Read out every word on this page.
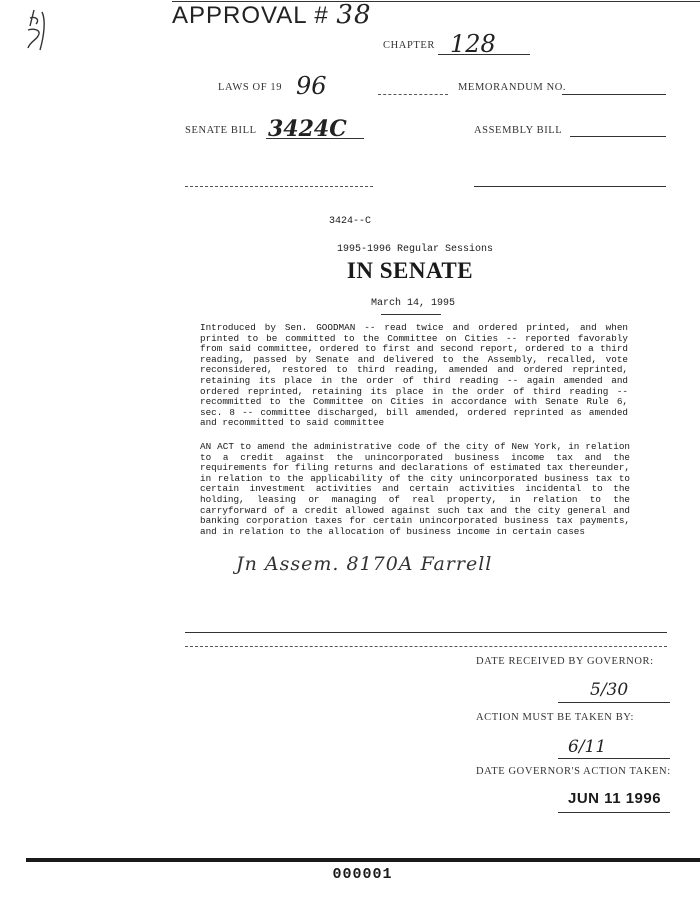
APPROVAL # 38
CHAPTER 128
LAWS OF 19 96	MEMORANDUM NO.
SENATE BILL 3424C	ASSEMBLY BILL
3424--C
1995-1996 Regular Sessions
IN SENATE
March 14, 1995
Introduced by Sen. GOODMAN -- read twice and ordered printed, and when printed to be committed to the Committee on Cities -- reported favorably from said committee, ordered to first and second report, ordered to a third reading, passed by Senate and delivered to the Assembly, recalled, vote reconsidered, restored to third reading, amended and ordered reprinted, retaining its place in the order of third reading -- again amended and ordered reprinted, retaining its place in the order of third reading -- recommitted to the Committee on Cities in accordance with Senate Rule 6, sec. 8 -- committee discharged, bill amended, ordered reprinted as amended and recommitted to said committee
AN ACT to amend the administrative code of the city of New York, in relation to a credit against the unincorporated business income tax and the requirements for filing returns and declarations of estimated tax thereunder, in relation to the applicability of the city unincorporated business tax to certain investment activities and certain activities incidental to the holding, leasing or managing of real property, in relation to the carryforward of a credit allowed against such tax and the city general and banking corporation taxes for certain unincorporated business tax payments, and in relation to the allocation of business income in certain cases
Jn Assem. 8170A Farrell
DATE RECEIVED BY GOVERNOR:
5/30
ACTION MUST BE TAKEN BY:
6/11
DATE GOVERNOR'S ACTION TAKEN:
JUN 11 1996
000001
